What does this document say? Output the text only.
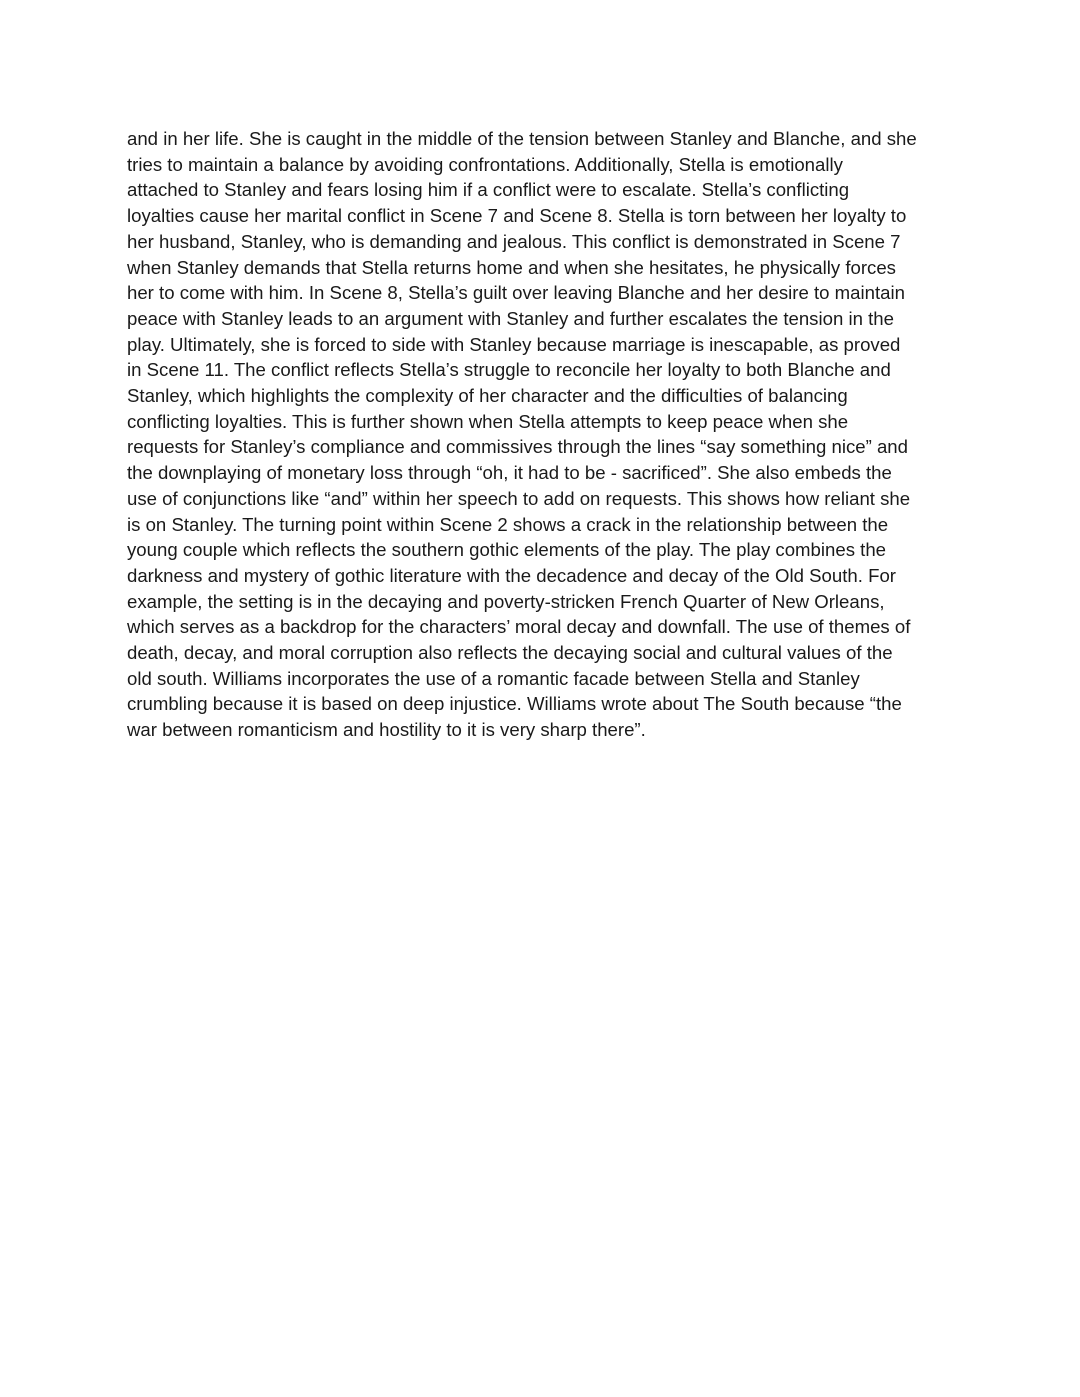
and in her life. She is caught in the middle of the tension between Stanley and Blanche, and she
tries to maintain a balance by avoiding confrontations. Additionally, Stella is emotionally
attached to Stanley and fears losing him if a conflict were to escalate. Stella’s conflicting
loyalties cause her marital conflict in Scene 7 and Scene 8. Stella is torn between her loyalty to
her husband, Stanley, who is demanding and jealous. This conflict is demonstrated in Scene 7
when Stanley demands that Stella returns home and when she hesitates, he physically forces
her to come with him. In Scene 8, Stella’s guilt over leaving Blanche and her desire to maintain
peace with Stanley leads to an argument with Stanley and further escalates the tension in the
play. Ultimately, she is forced to side with Stanley because marriage is inescapable, as proved
in Scene 11. The conflict reflects Stella’s struggle to reconcile her loyalty to both Blanche and
Stanley, which highlights the complexity of her character and the difficulties of balancing
conflicting loyalties. This is further shown when Stella attempts to keep peace when she
requests for Stanley’s compliance and commissives through the lines “say something nice” and
the downplaying of monetary loss through “oh, it had to be - sacrificed”. She also embeds the
use of conjunctions like “and” within her speech to add on requests. This shows how reliant she
is on Stanley. The turning point within Scene 2 shows a crack in the relationship between the
young couple which reflects the southern gothic elements of the play. The play combines the
darkness and mystery of gothic literature with the decadence and decay of the Old South. For
example, the setting is in the decaying and poverty-stricken French Quarter of New Orleans,
which serves as a backdrop for the characters’ moral decay and downfall. The use of themes of
death, decay, and moral corruption also reflects the decaying social and cultural values of the
old south. Williams incorporates the use of a romantic facade between Stella and Stanley
crumbling because it is based on deep injustice. Williams wrote about The South because “the
war between romanticism and hostility to it is very sharp there”.
